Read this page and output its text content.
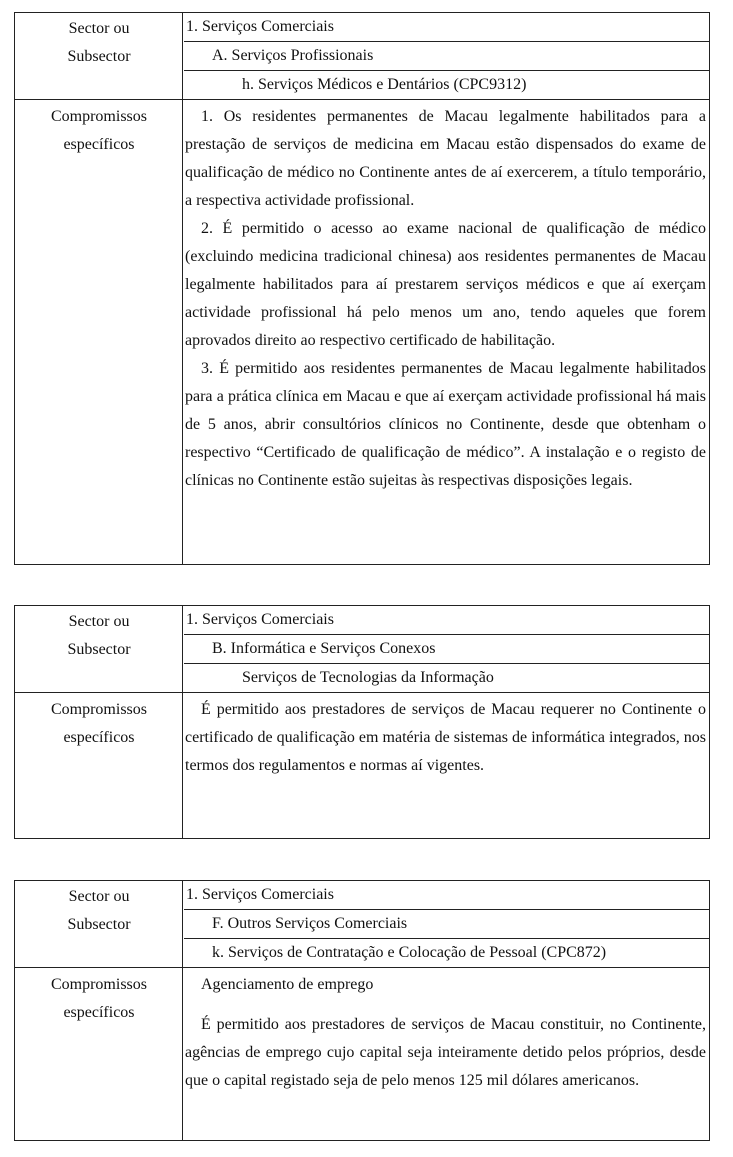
Sector ou
Subsector
1. Serviços Comerciais
A. Serviços Profissionais
h. Serviços Médicos e Dentários (CPC9312)
Compromissos
específicos

1. Os residentes permanentes de Macau legalmente habilitados para a prestação de serviços de medicina em Macau estão dispensados do exame de qualificação de médico no Continente antes de aí exercerem, a título temporário, a respectiva actividade profissional.

2. É permitido o acesso ao exame nacional de qualificação de médico (excluindo medicina tradicional chinesa) aos residentes permanentes de Macau legalmente habilitados para aí prestarem serviços médicos e que aí exerçam actividade profissional há pelo menos um ano, tendo aqueles que forem aprovados direito ao respectivo certificado de habilitação.

3. É permitido aos residentes permanentes de Macau legalmente habilitados para a prática clínica em Macau e que aí exerçam actividade profissional há mais de 5 anos, abrir consultórios clínicos no Continente, desde que obtenham o respectivo “Certificado de qualificação de médico”. A instalação e o registo de clínicas no Continente estão sujeitas às respectivas disposições legais.

Sector ou
Subsector
1. Serviços Comerciais
B. Informática e Serviços Conexos
Serviços de Tecnologias da Informação
Compromissos
específicos

É permitido aos prestadores de serviços de Macau requerer no Continente o certificado de qualificação em matéria de sistemas de informática integrados, nos termos dos regulamentos e normas aí vigentes.

Sector ou
Subsector
1. Serviços Comerciais
F. Outros Serviços Comerciais
k. Serviços de Contratação e Colocação de Pessoal (CPC872)
Compromissos
específicos

Agenciamento de emprego

É permitido aos prestadores de serviços de Macau constituir, no Continente, agências de emprego cujo capital seja inteiramente detido pelos próprios, desde que o capital registado seja de pelo menos 125 mil dólares americanos.
